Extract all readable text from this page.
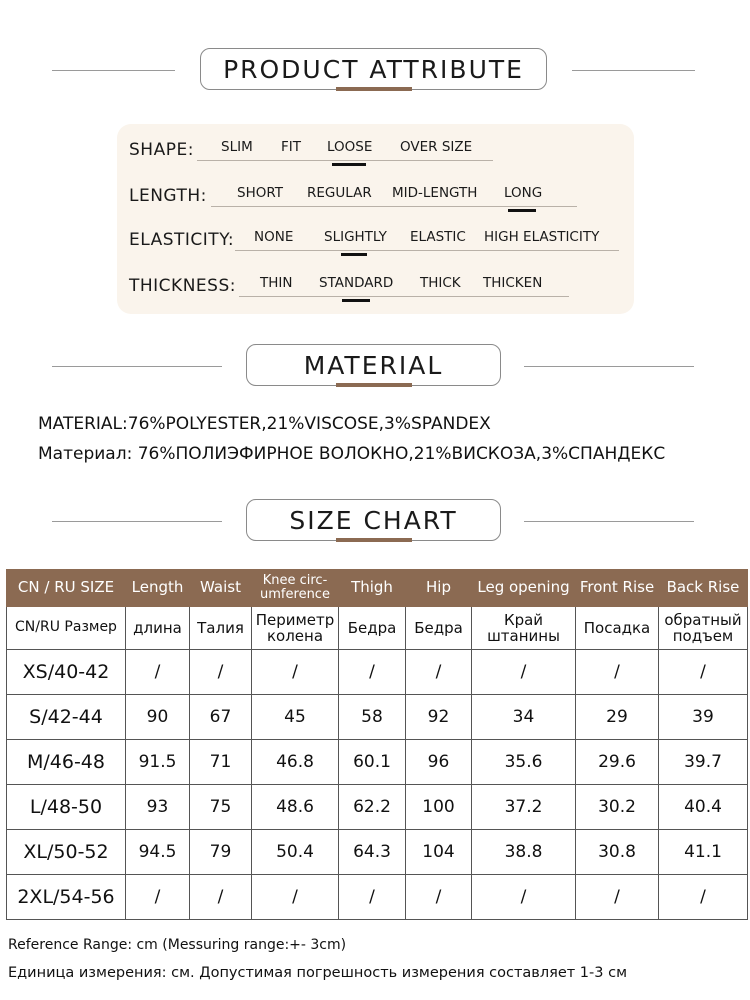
PRODUCT ATTRIBUTE
SHAPE: SLIM FIT LOOSE OVER SIZE
LENGTH: SHORT REGULAR MID-LENGTH LONG
ELASTICITY: NONE SLIGHTLY ELASTIC HIGH ELASTICITY
THICKNESS: THIN STANDARD THICK THICKEN
MATERIAL
MATERIAL:76%POLYESTER,21%VISCOSE,3%SPANDEX
Материал: 76%ПОЛИЭФИРНОЕ ВОЛОКНО,21%ВИСКОЗА,3%СПАНДЕКС
SIZE CHART
CN / RU SIZE	Length	Waist	Knee circ-umference	Thigh	Hip	Leg opening	Front Rise	Back Rise
CN/RU Размер	длина	Талия	Периметр колена	Бедра	Бедра	Край штанины	Посадка	обратный подъем
XS/40-42	/	/	/	/	/	/	/	/
S/42-44	90	67	45	58	92	34	29	39
M/46-48	91.5	71	46.8	60.1	96	35.6	29.6	39.7
L/48-50	93	75	48.6	62.2	100	37.2	30.2	40.4
XL/50-52	94.5	79	50.4	64.3	104	38.8	30.8	41.1
2XL/54-56	/	/	/	/	/	/	/	/
Reference Range: cm (Messuring range:+- 3cm)
Единица измерения: см. Допустимая погрешность измерения составляет 1-3 см
